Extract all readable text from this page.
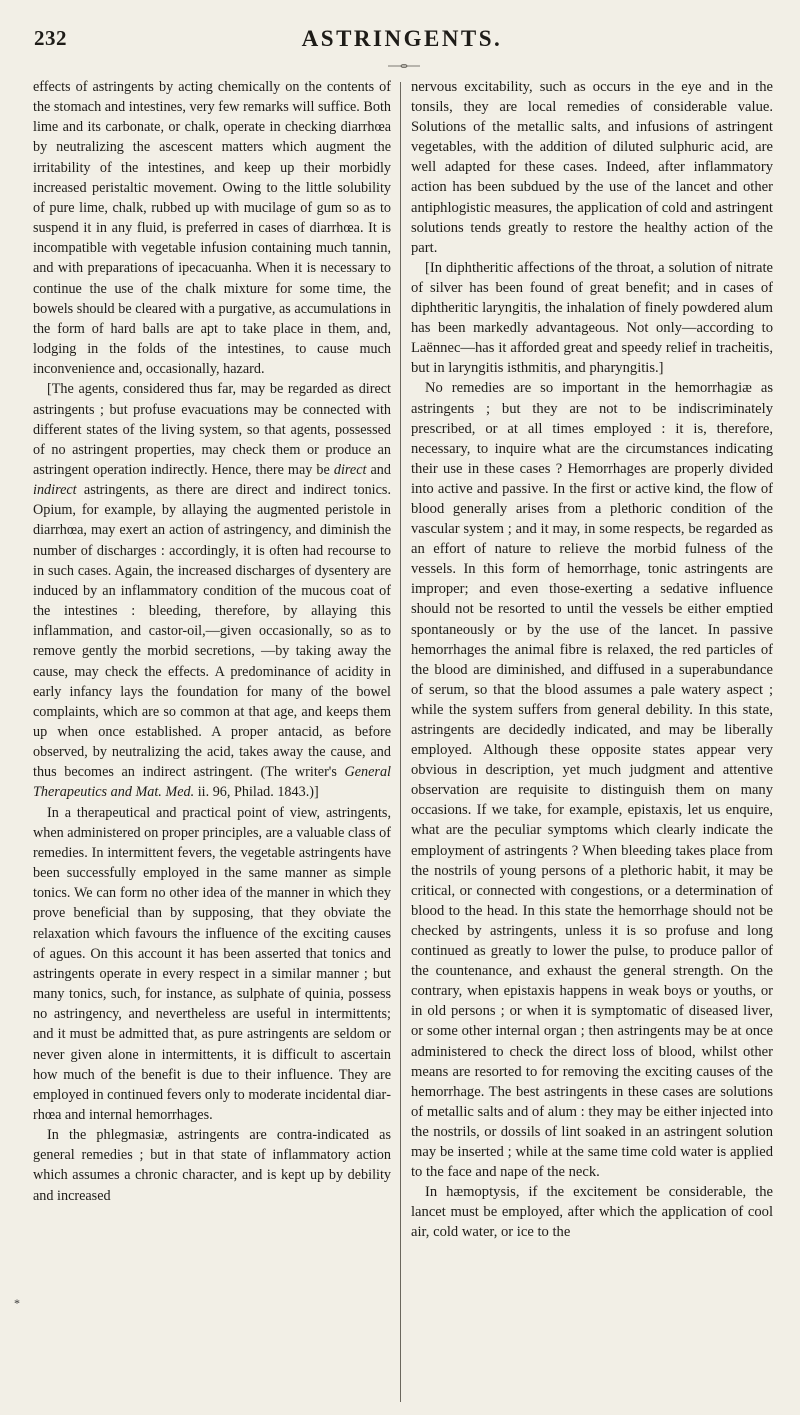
232	ASTRINGENTS.

effects of astringents by acting chemically on the contents of the stomach and intestines, very few remarks will suffice. Both lime and its carbonate, or chalk, operate in checking diarrhœa by neutralizing the ascescent matters which augment the irritability of the intestines, and keep up their morbidly increased peristaltic movement. Owing to the little solubility of pure lime, chalk, rubbed up with mucilage of gum so as to suspend it in any fluid, is preferred in cases of diarrhœa. It is incompatible with vegetable infusion containing much tannin, and with preparations of ipecacuanha. When it is necessary to continue the use of the chalk mixture for some time, the bowels should be cleared with a purgative, as accumulations in the form of hard balls are apt to take place in them, and, lodging in the folds of the intestines, to cause much inconvenience and, occasionally, hazard.

[The agents, considered thus far, may be regarded as direct astringents ; but profuse evacuations may be connected with different states of the living system, so that agents, possessed of no astringent properties, may check them or produce an astringent operation indirectly. Hence, there may be direct and indirect astringents, as there are direct and indirect tonics. Opium, for example, by allaying the augmented peristole in diarrhœa, may exert an action of astringency, and diminish the number of discharges : accordingly, it is often had recourse to in such cases. Again, the increased discharges of dysentery are induced by an inflammatory condition of the mucous coat of the intestines : bleeding, therefore, by allaying this inflammation, and castor-oil,—given occasionally, so as to remove gently the morbid secretions, —by taking away the cause, may check the effects. A predominance of acidity in early infancy lays the foundation for many of the bowel complaints, which are so common at that age, and keeps them up when once established. A proper antacid, as before observed, by neutralizing the acid, takes away the cause, and thus becomes an indirect astringent. (The writer's General Therapeutics and Mat. Med. ii. 96, Philad. 1843.)]

In a therapeutical and practical point of view, astringents, when administered on proper principles, are a valuable class of remedies. In intermittent fevers, the vegetable astringents have been successfully employed in the same manner as simple tonics. We can form no other idea of the manner in which they prove beneficial than by supposing, that they obviate the relaxation which favours the influence of the exciting causes of agues. On this account it has been asserted that tonics and astringents operate in every respect in a similar manner ; but many tonics, such, for instance, as sulphate of quinia, possess no astringency, and nevertheless are useful in intermittents; and it must be admitted that, as pure astringents are seldom or never given alone in intermittents, it is difficult to ascertain how much of the benefit is due to their influence. They are employed in continued fevers only to moderate incidental diarrhœa and internal hemorrhages.

In the phlegmasiæ, astringents are contra-indicated as general remedies ; but in that state of inflammatory action which assumes a chronic character, and is kept up by debility and increased

nervous excitability, such as occurs in the eye and in the tonsils, they are local remedies of considerable value. Solutions of the metallic salts, and infusions of astringent vegetables, with the addition of diluted sulphuric acid, are well adapted for these cases. Indeed, after inflammatory action has been subdued by the use of the lancet and other antiphlogistic measures, the application of cold and astringent solutions tends greatly to restore the healthy action of the part.

[In diphtheritic affections of the throat, a solution of nitrate of silver has been found of great benefit; and in cases of diphtheritic laryngitis, the inhalation of finely powdered alum has been markedly advantageous. Not only—according to Laënnec—has it afforded great and speedy relief in tracheitis, but in laryngitis isthmitis, and pharyngitis.]

No remedies are so important in the hemorrhagiæ as astringents ; but they are not to be indiscriminately prescribed, or at all times employed : it is, therefore, necessary, to inquire what are the circumstances indicating their use in these cases ? Hemorrhages are properly divided into active and passive. In the first or active kind, the flow of blood generally arises from a plethoric condition of the vascular system ; and it may, in some respects, be regarded as an effort of nature to relieve the morbid fulness of the vessels. In this form of hemorrhage, tonic astringents are improper; and even those-exerting a sedative influence should not be resorted to until the vessels be either emptied spontaneously or by the use of the lancet. In passive hemorrhages the animal fibre is relaxed, the red particles of the blood are diminished, and diffused in a superabundance of serum, so that the blood assumes a pale watery aspect ; while the system suffers from general debility. In this state, astringents are decidedly indicated, and may be liberally employed. Although these opposite states appear very obvious in description, yet much judgment and attentive observation are requisite to distinguish them on many occasions. If we take, for example, epistaxis, let us enquire, what are the peculiar symptoms which clearly indicate the employment of astringents ? When bleeding takes place from the nostrils of young persons of a plethoric habit, it may be critical, or connected with congestions, or a determination of blood to the head. In this state the hemorrhage should not be checked by astringents, unless it is so profuse and long continued as greatly to lower the pulse, to produce pallor of the countenance, and exhaust the general strength. On the contrary, when epistaxis happens in weak boys or youths, or in old persons ; or when it is symptomatic of diseased liver, or some other internal organ ; then astringents may be at once administered to check the direct loss of blood, whilst other means are resorted to for removing the exciting causes of the hemorrhage. The best astringents in these cases are solutions of metallic salts and of alum : they may be either injected into the nostrils, or dossils of lint soaked in an astringent solution may be inserted ; while at the same time cold water is applied to the face and nape of the neck.

In hæmoptysis, if the excitement be considerable, the lancet must be employed, after which the application of cool air, cold water, or ice to the

*
